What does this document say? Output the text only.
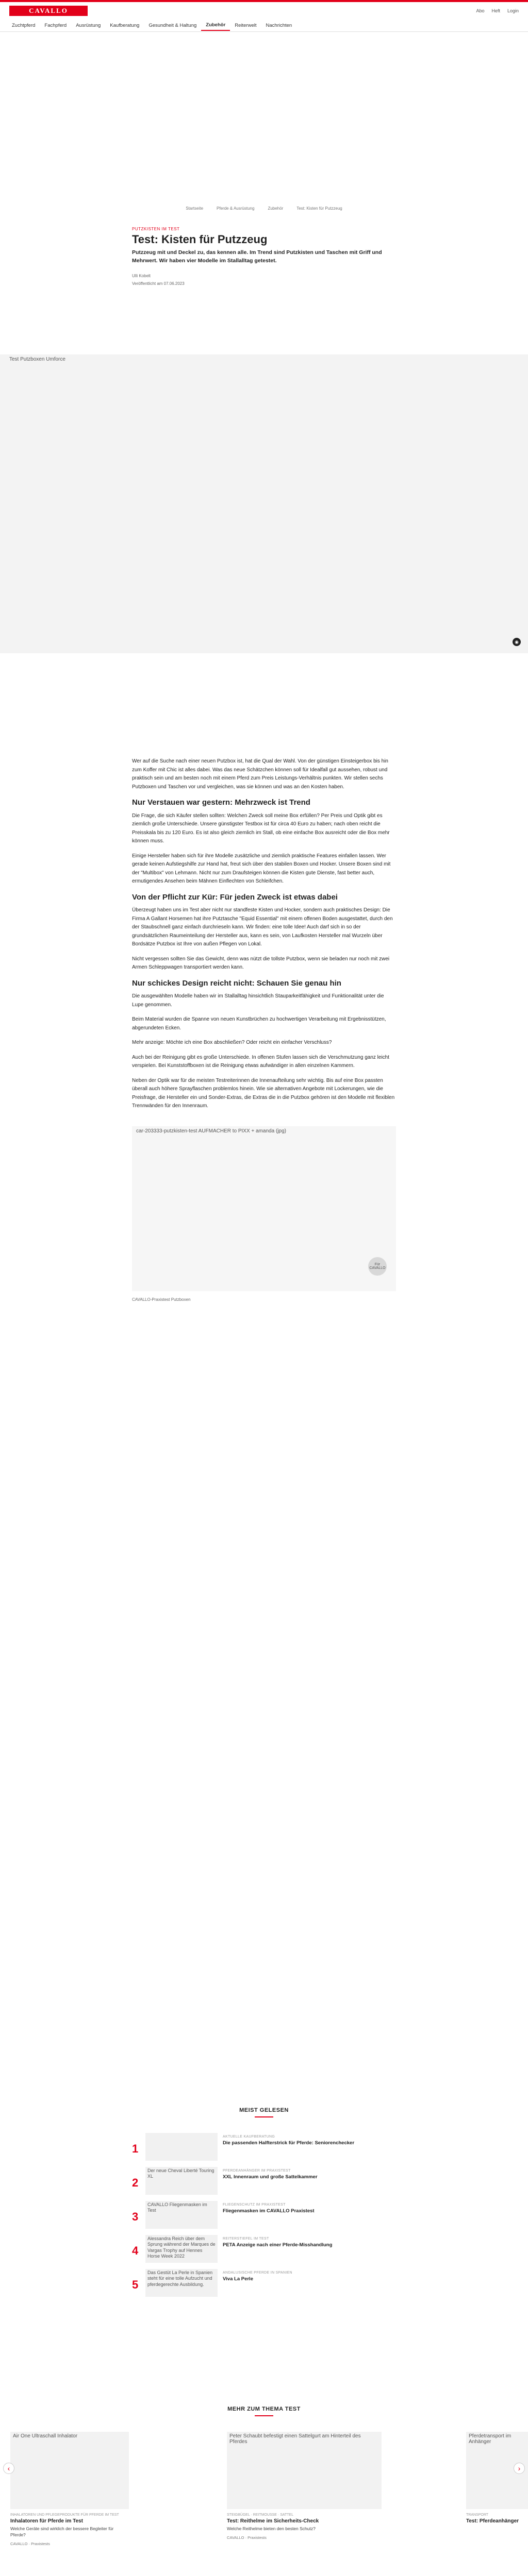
CAVALLO	Abo Heft Login
Zuchtpferd	Fachpferd	Ausrüstung	Kaufberatung	Gesundheit & Haltung	Zubehör	Reiterwelt	Nachrichten
Startseite	Pferde & Ausrüstung	Zubehör	Test: Kisten für Putzzeug
PUTZKISTEN IM TEST
Test: Kisten für Putzzeug

Putzzeug mit und Deckel zu, das kennen alle. Im Trend sind Putzkisten und Taschen mit Griff und Mehrwert. Wir haben vier Modelle im Stallalltag getestet.

Ulli Kobelt
Veröffentlicht am 07.06.2023
Test Putzboxen Umforce
◉

Wer auf die Suche nach einer neuen Putzbox ist, hat die Qual der Wahl. Von der günstigen Einsteigerbox bis hin zum Koffer mit Chic ist alles dabei. Was das neue Schätzchen können soll für Idealfall gut aussehen, robust und praktisch sein und am besten noch mit einem Pferd zum Preis Leistungs-Verhältnis punkten. Wir stellen sechs Putzboxen und Taschen vor und vergleichen, was sie können und was an den Kosten haben.

Nur Verstauen war gestern: Mehrzweck ist Trend

Die Frage, die sich Käufer stellen sollten: Welchen Zweck soll meine Box erfüllen? Per Preis und Optik gibt es ziemlich große Unterschiede. Unsere günstigster Testbox ist für circa 40 Euro zu haben; nach oben reicht die Preisskala bis zu 120 Euro. Es ist also gleich ziemlich im Stall, ob eine einfache Box ausreicht oder die Box mehr können muss.

Einige Hersteller haben sich für ihre Modelle zusätzliche und ziemlich praktische Features einfallen lassen. Wer gerade keinen Aufstiegshilfe zur Hand hat, freut sich über den stabilen Boxen und Hocker. Unsere Boxen sind mit der "Multibox" von Lehmann. Nicht nur zum Draufsteigen können die Kisten gute Dienste, fast better auch, ermutigendes Ansehen beim Mähnen Einflechten von Schleifchen.

Von der Pflicht zur Kür: Für jeden Zweck ist etwas dabei

Überzeugt haben uns im Test aber nicht nur standfeste Kisten und Hocker, sondern auch praktisches Design: Die Firma A Gallant Horsemen hat ihre Putztasche "Equid Essential" mit einem offenen Boden ausgestattet, durch den der Staubschnell ganz einfach durchrieseln kann. Wir finden: eine tolle Idee! Auch darf sich in so der grundsätzlichen Raumeinteilung der Hersteller aus, kann es sein, von Laufkosten Hersteller mal Wurzeln über Bordsätze Putzbox ist Ihre von außen Pflegen von Lokal.

Nicht vergessen sollten Sie das Gewicht, denn was nützt die tollste Putzbox, wenn sie beladen nur noch mit zwei Armen Schleppwagen transportiert werden kann.

Nur schickes Design reicht nicht: Schauen Sie genau hin

Die ausgewählten Modelle haben wir im Stallalltag hinsichtlich Stauparkeitfähigkeit und Funktionalität unter die Lupe genommen.

Beim Material wurden die Spanne von neuen Kunstbrüchen zu hochwertigen Verarbeitung mit Ergebnisstützen, abgerundeten Ecken.

Mehr anzeige: Möchte ich eine Box abschließen? Oder reicht ein einfacher Verschluss?

Auch bei der Reinigung gibt es große Unterschiede. In offenen Stufen lassen sich die Verschmutzung ganz leicht verspielen. Bei Kunststoffboxen ist die Reinigung etwas aufwändiger in allen einzelnen Kammern.

Neben der Optik war für die meisten Testreiterinnen die Innenaufteilung sehr wichtig. Bis auf eine Box passten überall auch höhere Sprayflaschen problemlos hinein. Wie sie alternativen Angebote mit Lockerungen, wie die Preisfrage, die Hersteller ein und Sonder-Extras, die Extras die in die Putzbox gehören ist den Modelle mit flexiblen Trennwänden für den Innenraum.

car-203333-putzkisten-test AUFMACHER to PIXX + amanda (jpg)
Für CAVALLO
CAVALLO-Praxistest Putzboxen
MEIST GELESEN
1
AKTUELLE KAUFBERATUNG
Die passenden Halfterstrick für Pferde: Seniorenchecker
2
Der neue Cheval Liberté Touring XL
PFERDEANHÄNGER IM PRAXISTEST
XXL Innenraum und große Sattelkammer
3
CAVALLO Fliegenmasken im Test
FLIEGENSCHUTZ IM PRAXISTEST
Fliegenmasken im CAVALLO Praxistest
4
Alessandra Reich über dem Sprung während der Marques de Vargas Trophy auf Hennes Horse Week 2022
REITERSTIEFEL IM TEST
PETA Anzeige nach einer Pferde-Misshandlung
5
Das Gestüt La Perle in Spanien steht für eine tolle Aufzucht und pferdegerechte Ausbildung.
ANDALUSISCHE PFERDE IN SPANIEN
Viva La Perle
MEHR ZUM THEMA TEST
Air One Ultraschall Inhalator
INHALATOREN UND PFLEGEPRODUKTE FÜR PFERDE IM TEST
Inhalatoren für Pferde im Test
Welche Geräte sind wirklich der bessere Begleiter für Pferde?
CAVALLO · Praxistests
Peter Schaubt befestigt einen Sattelgurt am Hinterteil des Pferdes
STEIGBÜGEL · REITMOUSSE · SATTEL
Test: Reithelme im Sicherheits-Check
Welche Reithelme bieten den besten Schutz?
CAVALLO · Praxistests
Pferdetransport im Anhänger
TRANSPORT
Test: Pferdeanhänger
‹	›
